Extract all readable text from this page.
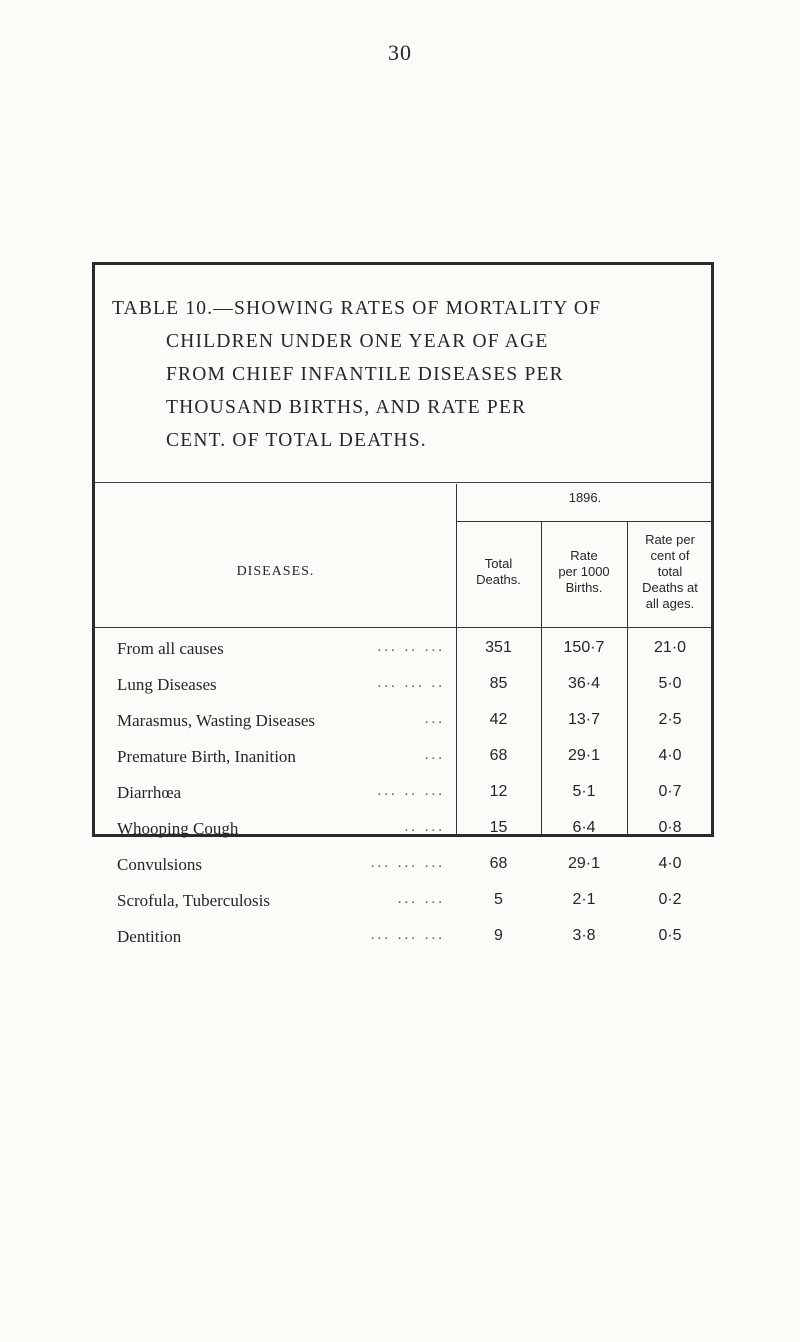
30
TABLE 10.—SHOWING RATES OF MORTALITY OF
CHILDREN UNDER ONE YEAR OF AGE
FROM CHIEF INFANTILE DISEASES PER
THOUSAND BIRTHS, AND RATE PER
CENT. OF TOTAL DEATHS.
1896.
DISEASES.
Total
Deaths.
Rate
per 1000
Births.
Rate per
cent of
total
Deaths at
all ages.
From all causes	... .. ...	351	150·7	21·0
Lung Diseases	... ... ..	85	36·4	5·0
Marasmus, Wasting Diseases	...	42	13·7	2·5
Premature Birth, Inanition	...	68	29·1	4·0
Diarrhœa	... .. ...	12	5·1	0·7
Whooping Cough	.. ...	15	6·4	0·8
Convulsions	... ... ...	68	29·1	4·0
Scrofula, Tuberculosis	... ...	5	2·1	0·2
Dentition	... ... ...	9	3·8	0·5
